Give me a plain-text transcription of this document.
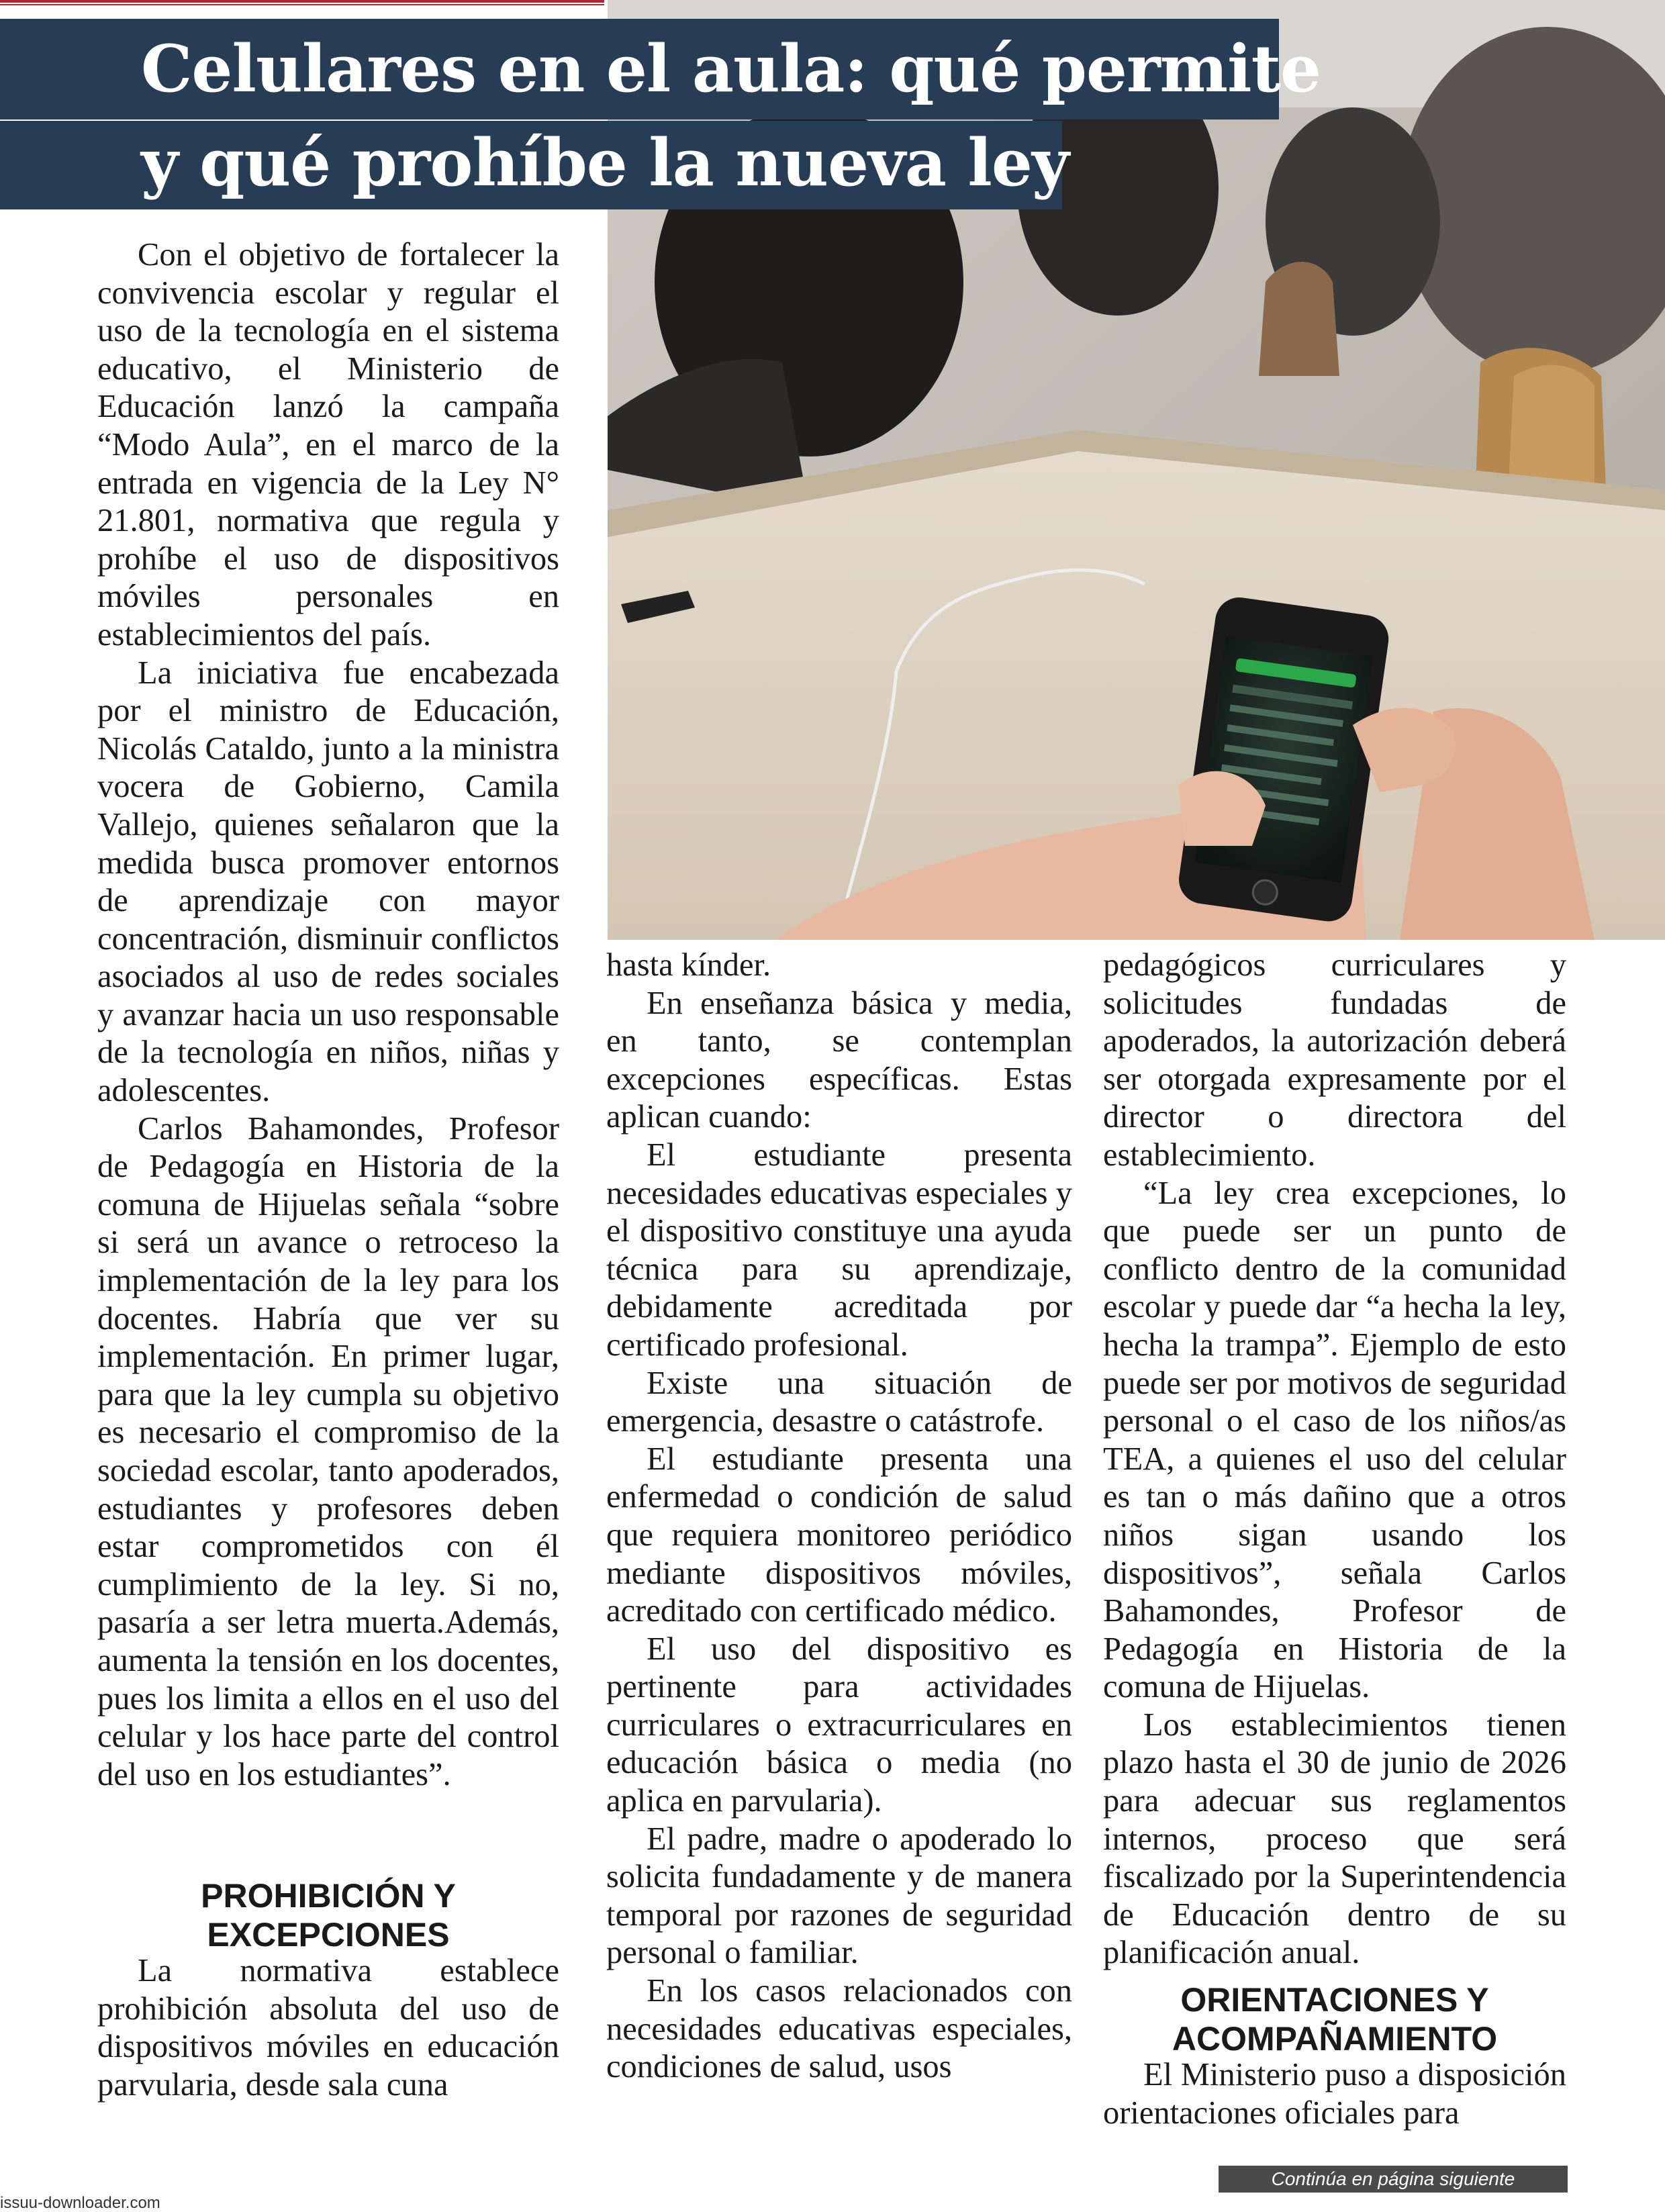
Celulares en el aula: qué permite
y qué prohíbe la nueva ley

Con el objetivo de fortalecer la convivencia escolar y regular el uso de la tecnología en el sistema educativo, el Ministerio de Educación lanzó la campaña “Modo Aula”, en el marco de la entrada en vigencia de la Ley N° 21.801, normativa que regula y prohíbe el uso de dispositivos móviles personales en establecimientos del país.

La iniciativa fue encabezada por el ministro de Educación, Nicolás Cataldo, junto a la ministra vocera de Gobierno, Camila Vallejo, quienes señalaron que la medida busca promover entornos de aprendizaje con mayor concentración, disminuir conflictos asociados al uso de redes sociales y avanzar hacia un uso responsable de la tecnología en niños, niñas y adolescentes.

Carlos Bahamondes, Profesor de Pedagogía en Historia de la comuna de Hijuelas señala “sobre si será un avance o retroceso la implementación de la ley para los docentes. Habría que ver su implementación. En primer lugar, para que la ley cumpla su objetivo es necesario el compromiso de la sociedad escolar, tanto apoderados, estudiantes y profesores deben estar comprometidos con él cumplimiento de la ley. Si no, pasaría a ser letra muerta.Además, aumenta la tensión en los docentes, pues los limita a ellos en el uso del celular y los hace parte del control del uso en los estudiantes”.

PROHIBICIÓN Y EXCEPCIONES

La normativa establece prohibición absoluta del uso de dispositivos móviles en educación parvularia, desde sala cuna

hasta kínder.

En enseñanza básica y media, en tanto, se contemplan excepciones específicas. Estas aplican cuando:

El estudiante presenta necesidades educativas especiales y el dispositivo constituye una ayuda técnica para su aprendizaje, debidamente acreditada por certificado profesional.

Existe una situación de emergencia, desastre o catástrofe.

El estudiante presenta una enfermedad o condición de salud que requiera monitoreo periódico mediante dispositivos móviles, acreditado con certificado médico.

El uso del dispositivo es pertinente para actividades curriculares o extracurriculares en educación básica o media (no aplica en parvularia).

El padre, madre o apoderado lo solicita fundadamente y de manera temporal por razones de seguridad personal o familiar.

En los casos relacionados con necesidades educativas especiales, condiciones de salud, usos

pedagógicos curriculares y solicitudes fundadas de apoderados, la autorización deberá ser otorgada expresamente por el director o directora del establecimiento.

“La ley crea excepciones, lo que puede ser un punto de conflicto dentro de la comunidad escolar y puede dar “a hecha la ley, hecha la trampa”. Ejemplo de esto puede ser por motivos de seguridad personal o el caso de los niños/as TEA, a quienes el uso del celular es tan o más dañino que a otros niños sigan usando los dispositivos”, señala Carlos Bahamondes, Profesor de Pedagogía en Historia de la comuna de Hijuelas.

Los establecimientos tienen plazo hasta el 30 de junio de 2026 para adecuar sus reglamentos internos, proceso que será fiscalizado por la Superintendencia de Educación dentro de su planificación anual.

ORIENTACIONES Y ACOMPAÑAMIENTO

El Ministerio puso a disposición orientaciones oficiales para

Continúa en página siguiente
issuu-downloader.com
